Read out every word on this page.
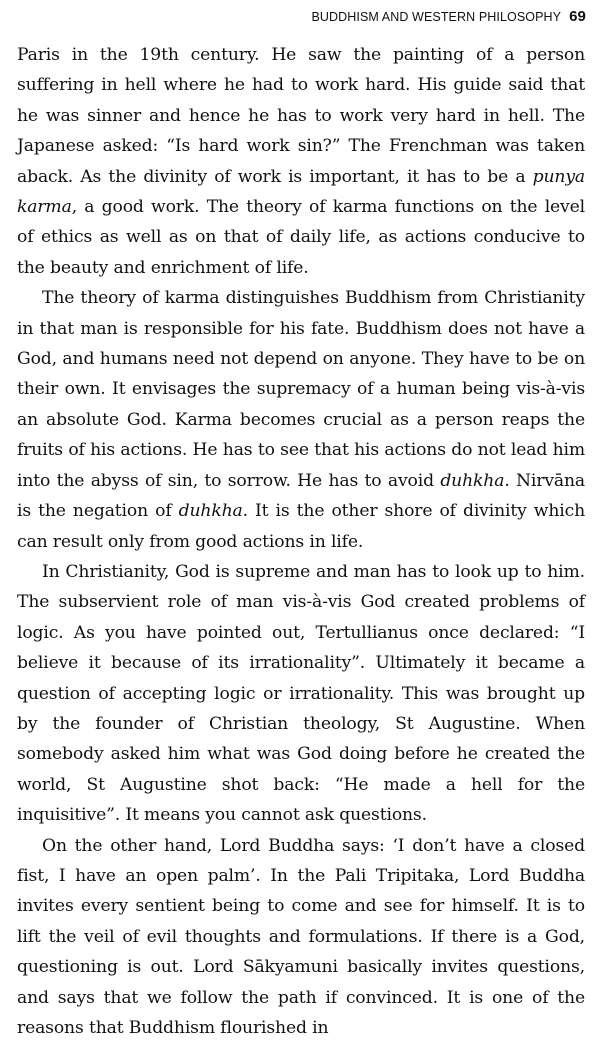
BUDDHISM AND WESTERN PHILOSOPHY 69

Paris in the 19th century. He saw the painting of a person suffering in hell where he had to work hard. His guide said that he was sinner and hence he has to work very hard in hell. The Japanese asked: “Is hard work sin?” The Frenchman was taken aback. As the divinity of work is important, it has to be a punya karma, a good work. The theory of karma functions on the level of ethics as well as on that of daily life, as actions conducive to the beauty and enrichment of life.

The theory of karma distinguishes Buddhism from Christianity in that man is responsible for his fate. Buddhism does not have a God, and humans need not depend on anyone. They have to be on their own. It envisages the supremacy of a human being vis-à-vis an absolute God. Karma becomes crucial as a person reaps the fruits of his actions. He has to see that his actions do not lead him into the abyss of sin, to sorrow. He has to avoid duhkha. Nirvāna is the negation of duhkha. It is the other shore of divinity which can result only from good actions in life.

In Christianity, God is supreme and man has to look up to him. The subservient role of man vis-à-vis God created problems of logic. As you have pointed out, Tertullianus once declared: “I believe it because of its irrationality”. Ultimately it became a question of accepting logic or irrationality. This was brought up by the founder of Christian theology, St Augustine. When somebody asked him what was God doing before he created the world, St Augustine shot back: “He made a hell for the inquisitive”. It means you cannot ask questions.

On the other hand, Lord Buddha says: ‘I don’t have a closed fist, I have an open palm’. In the Pali Tripitaka, Lord Buddha invites every sentient being to come and see for himself. It is to lift the veil of evil thoughts and formulations. If there is a God, questioning is out. Lord Sākyamuni basically invites questions, and says that we follow the path if convinced. It is one of the reasons that Buddhism flourished in
